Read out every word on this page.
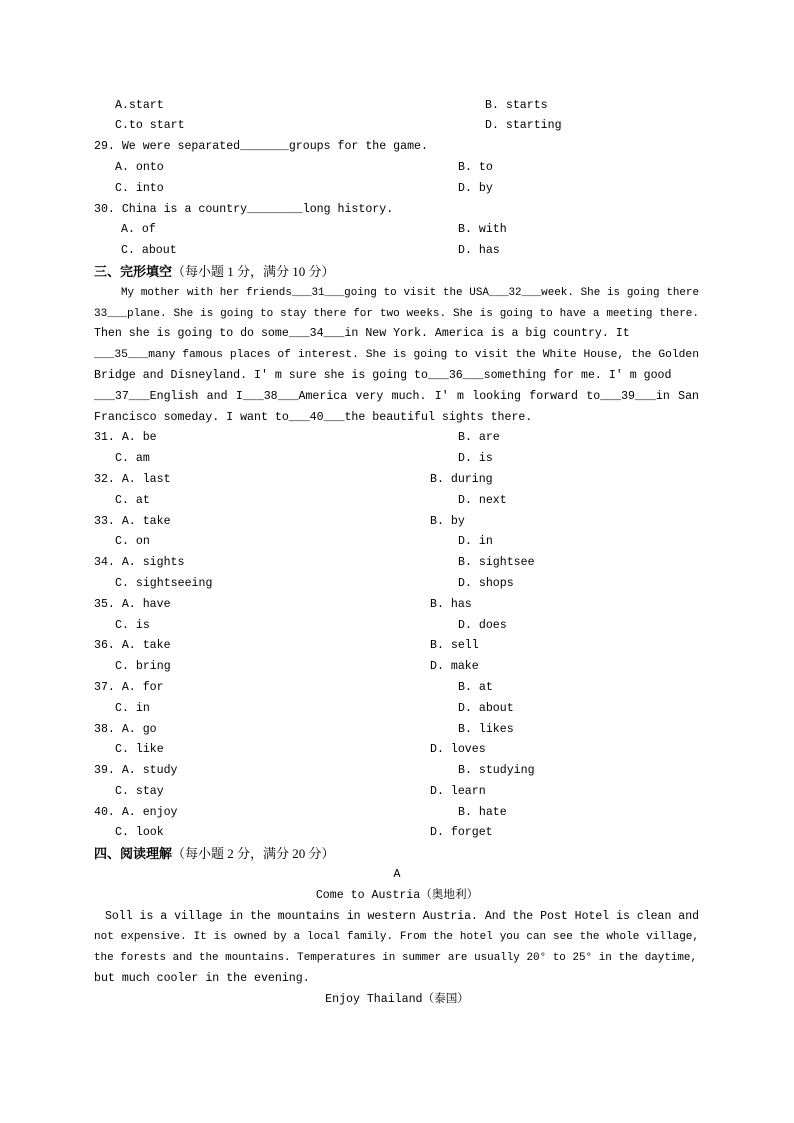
A.start	B. starts
C.to start	D. starting
29. We were separated_______groups for the game.
A. onto	B. to
C. into	D. by
30. China is a country________long history.
A. of	B. with
C. about	D. has
三、完形填空（每小题 1 分，满分 10 分）
My mother with her friends___31___going to visit the USA___32___week. She is going there
33___plane. She is going to stay there for two weeks. She is going to have a meeting there.
Then she is going to do some___34___in New York. America is a big country. It
___35___many famous places of interest. She is going to visit the White House, the Golden
Bridge and Disneyland. I' m sure she is going to___36___something for me. I' m good
___37___English and I___38___America very much. I' m looking forward to___39___in San
Francisco someday. I want to___40___the beautiful sights there.
31. A. be	B. are
C. am	D. is
32. A. last	B. during
C. at	D. next
33. A. take	B. by
C. on	D. in
34. A. sights	B. sightsee
C. sightseeing	D. shops
35. A. have	B. has
C. is	D. does
36. A. take	B. sell
C. bring	D. make
37. A. for	B. at
C. in	D. about
38. A. go	B. likes
C. like	D. loves
39. A. study	B. studying
C. stay	D. learn
40. A. enjoy	B. hate
C. look	D. forget
四、阅读理解（每小题 2 分，满分 20 分）
A
Come to Austria（奥地利）
Soll is a village in the mountains in western Austria. And the Post Hotel is clean and
not expensive. It is owned by a local family. From the hotel you can see the whole village,
the forests and the mountains. Temperatures in summer are usually 20° to 25° in the daytime,
but much cooler in the evening.
Enjoy Thailand（泰国）
